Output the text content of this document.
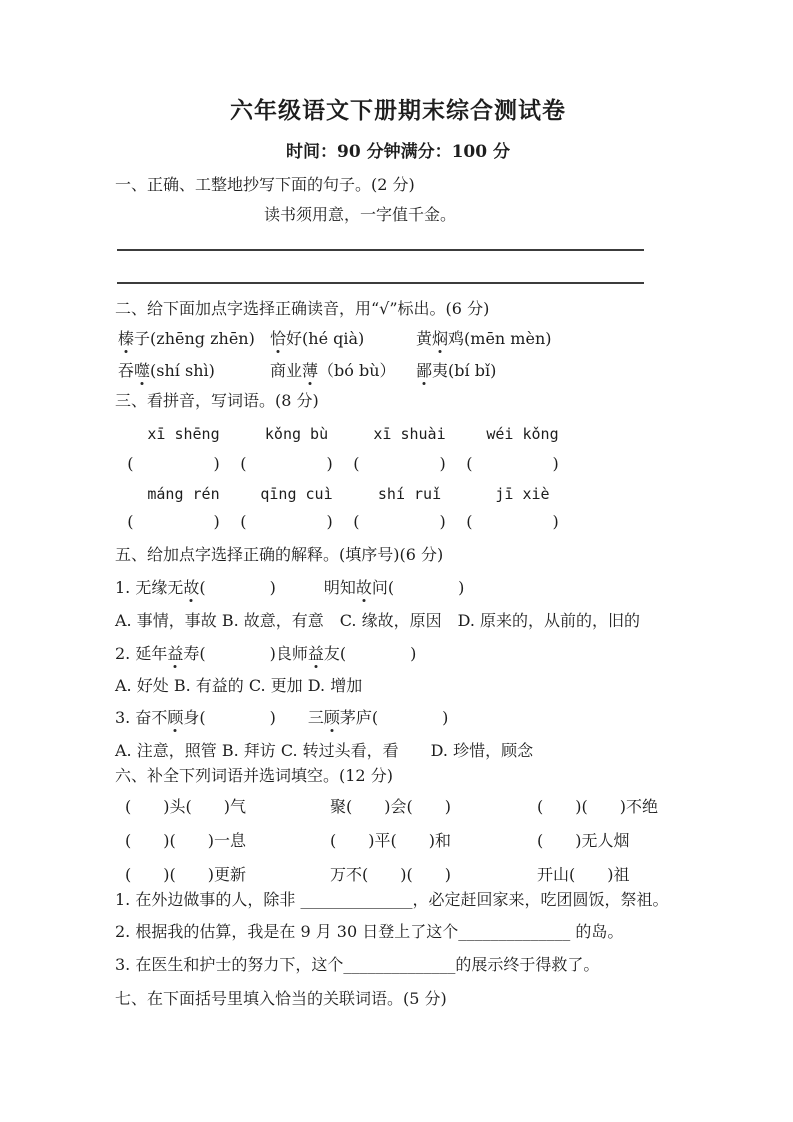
六年级语文下册期末综合测试卷
时间：90 分钟满分：100 分
一、正确、工整地抄写下面的句子。(2 分)
读书须用意，一字值千金。
二、给下面加点字选择正确读音，用“√”标出。(6 分)
榛子(zhēng zhēn) 恰好(hé qià)	黄焖鸡(mēn mèn)
吞噬(shí shì)	商业薄（bó bù）	鄙夷(bí bǐ)
三、看拼音，写词语。(8 分)
xī shēng	kǒng bù	xī shuài	wéi kǒng
(     )	(     )	(     )	(     )
máng rén	qīng cuì	shí ruǐ	jī xiè
(     )	(     )	(     )	(     )
五、给加点字选择正确的解释。(填序号)(6 分)
1. 无缘无故(    )   明知故问(    )
A. 事情，事故 B. 故意，有意　C. 缘故，原因　D. 原来的，从前的，旧的
2. 延年益寿(    )良师益友(    )
A. 好处 B. 有益的 C. 更加 D. 增加
3. 奋不顾身(    )  三顾茅庐(    )
A. 注意，照管 B. 拜访 C. 转过头看，看　　D. 珍惜，顾念
六、补全下列词语并选词填空。(12 分)
(  )头(  )气	聚(  )会(  )	(  )(  )不绝
(  )(  )一息	(  )平(  )和	(  )无人烟
(  )(  )更新	万不(  )(  )	开山(  )祖
1. 在外边做事的人，除非 ______________，必定赶回家来，吃团圆饭，祭祖。
2. 根据我的估算，我是在 9 月 30 日登上了这个______________ 的岛。
3. 在医生和护士的努力下，这个______________的展示终于得救了。
七、在下面括号里填入恰当的关联词语。(5 分)
